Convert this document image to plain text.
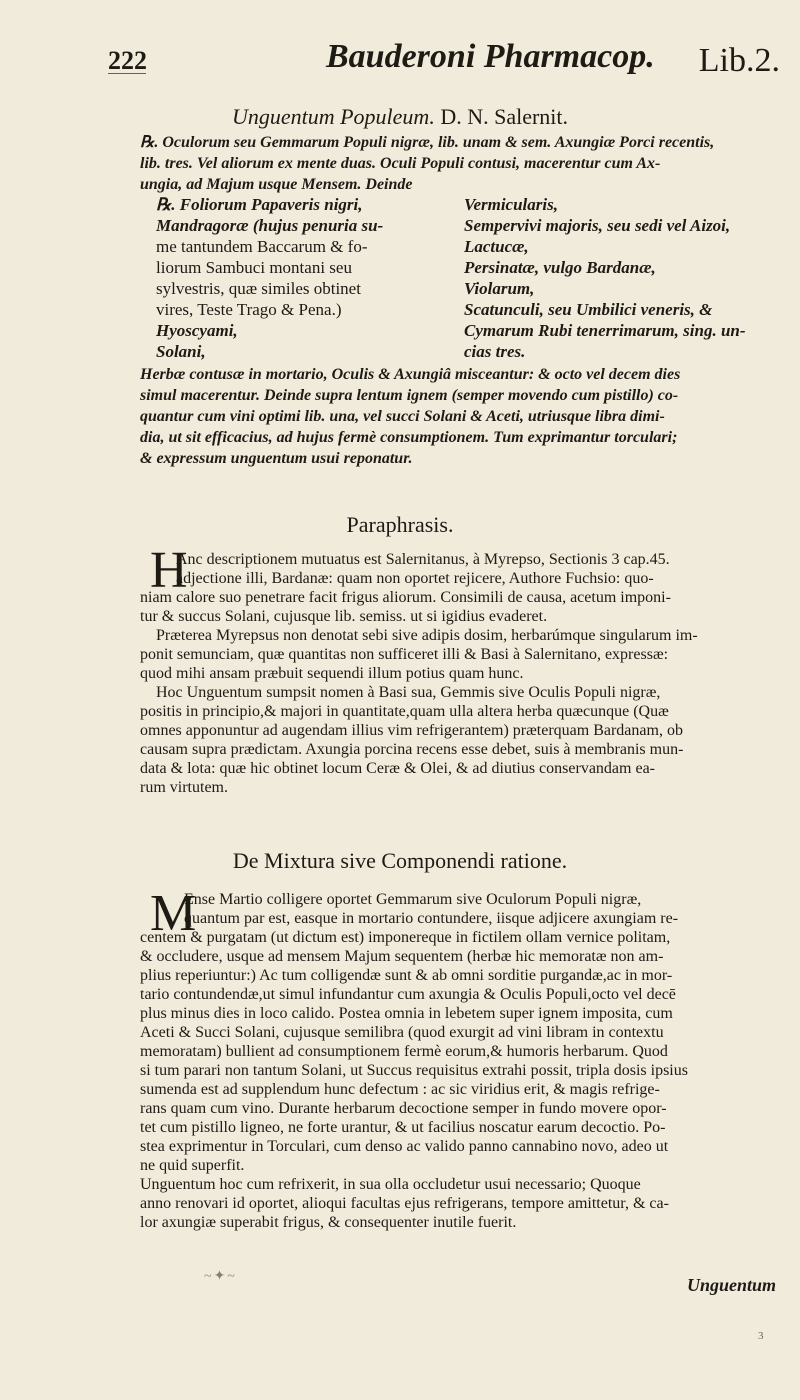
222	Bauderoni Pharmacop. Lib.2.
Unguentum Populeum. D. N. Salernit.
℞. Oculorum seu Gemmarum Populi nigræ, lib. unam & sem. Axungiæ Porci recentis,
lib. tres. Vel aliorum ex mente duas. Oculi Populi contusi, macerentur cum Ax-
ungia, ad Majum usque Mensem. Deinde
℞. Foliorum Papaveris nigri,
Mandragoræ (hujus penuria su-
me tantundem Baccarum & fo-
liorum Sambuci montani seu
sylvestris, quæ similes obtinet
vires, Teste Trago & Pena.)
Hyoscyami,
Solani,
Vermicularis,
Sempervivi majoris, seu sedi vel Aizoi,
Lactucæ,
Persinatæ, vulgo Bardanæ,
Violarum,
Scatunculi, seu Umbilici veneris, &
Cymarum Rubi tenerrimarum, sing. un-
cias tres.
Herbæ contusæ in mortario, Oculis & Axungiâ misceantur: & octo vel decem dies
simul macerentur. Deinde supra lentum ignem (semper movendo cum pistillo) co-
quantur cum vini optimi lib. una, vel succi Solani & Aceti, utriusque libra dimi-
dia, ut sit efficacius, ad hujus fermè consumptionem. Tum exprimantur torculari;
& expressum unguentum usui reponatur.
Paraphrasis.
H
Anc descriptionem mutuatus est Salernitanus, à Myrepso, Sectionis 3 cap.45.
adjectione illi, Bardanæ: quam non oportet rejicere, Authore Fuchsio: quo-
niam calore suo penetrare facit frigus aliorum. Consimili de causa, acetum imponi-
tur & succus Solani, cujusque lib. semiss. ut si igidius evaderet.
Præterea Myrepsus non denotat sebi sive adipis dosim, herbarúmque singularum im-
ponit semunciam, quæ quantitas non sufficeret illi & Basi à Salernitano, expressæ:
quod mihi ansam præbuit sequendi illum potius quam hunc.
Hoc Unguentum sumpsit nomen à Basi sua, Gemmis sive Oculis Populi nigræ,
positis in principio,& majori in quantitate,quam ulla altera herba quæcunque (Quæ
omnes apponuntur ad augendam illius vim refrigerantem) præterquam Bardanam, ob
causam supra prædictam. Axungia porcina recens esse debet, suis à membranis mun-
data & lota: quæ hic obtinet locum Ceræ & Olei, & ad diutius conservandam ea-
rum virtutem.
De Mixtura sive Componendi ratione.
M
Ense Martio colligere oportet Gemmarum sive Oculorum Populi nigræ,
quantum par est, easque in mortario contundere, iisque adjicere axungiam re-
centem & purgatam (ut dictum est) imponereque in fictilem ollam vernice politam,
& occludere, usque ad mensem Majum sequentem (herbæ hic memoratæ non am-
plius reperiuntur:) Ac tum colligendæ sunt & ab omni sorditie purgandæ,ac in mor-
tario contundendæ,ut simul infundantur cum axungia & Oculis Populi,octo vel decē
plus minus dies in loco calido. Postea omnia in lebetem super ignem imposita, cum
Aceti & Succi Solani, cujusque semilibra (quod exurgit ad vini libram in contextu
memoratam) bullient ad consumptionem fermè eorum,& humoris herbarum. Quod
si tum parari non tantum Solani, ut Succus requisitus extrahi possit, tripla dosis ipsius
sumenda est ad supplendum hunc defectum : ac sic viridius erit, & magis refrige-
rans quam cum vino. Durante herbarum decoctione semper in fundo movere opor-
tet cum pistillo ligneo, ne forte urantur, & ut facilius noscatur earum decoctio. Po-
stea exprimentur in Torculari, cum denso ac valido panno cannabino novo, adeo ut
ne quid superfit.
Unguentum hoc cum refrixerit, in sua olla occludetur usui necessario; Quoque
anno renovari id oportet, alioqui facultas ejus refrigerans, tempore amittetur, & ca-
lor axungiæ superabit frigus, & consequenter inutile fuerit.
~✦~	Unguentum
3
